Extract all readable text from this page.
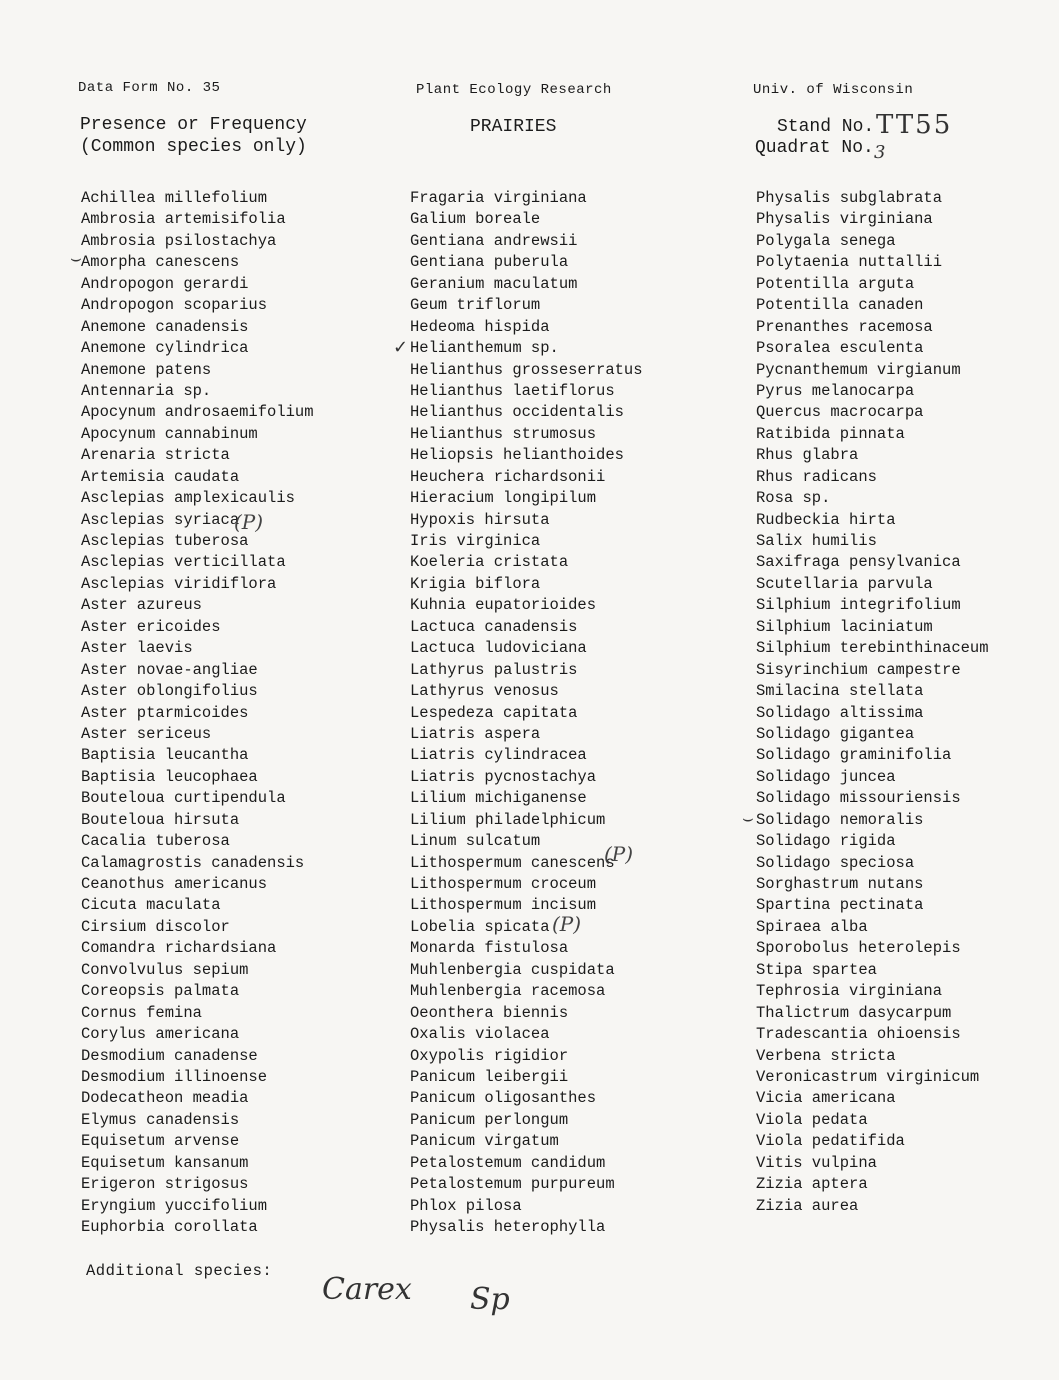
Data Form No. 35	Plant Ecology Research	Univ. of Wisconsin
Presence or Frequency
(Common species only)
PRAIRIES	Stand No.
Quadrat No.
TT55
3
Achillea millefolium
Ambrosia artemisifolia
Ambrosia psilostachya
Amorpha canescens
Andropogon gerardi
Andropogon scoparius
Anemone canadensis
Anemone cylindrica
Anemone patens
Antennaria sp.
Apocynum androsaemifolium
Apocynum cannabinum
Arenaria stricta
Artemisia caudata
Asclepias amplexicaulis
Asclepias syriaca
Asclepias tuberosa
Asclepias verticillata
Asclepias viridiflora
Aster azureus
Aster ericoides
Aster laevis
Aster novae-angliae
Aster oblongifolius
Aster ptarmicoides
Aster sericeus
Baptisia leucantha
Baptisia leucophaea
Bouteloua curtipendula
Bouteloua hirsuta
Cacalia tuberosa
Calamagrostis canadensis
Ceanothus americanus
Cicuta maculata
Cirsium discolor
Comandra richardsiana
Convolvulus sepium
Coreopsis palmata
Cornus femina
Corylus americana
Desmodium canadense
Desmodium illinoense
Dodecatheon meadia
Elymus canadensis
Equisetum arvense
Equisetum kansanum
Erigeron strigosus
Eryngium yuccifolium
Euphorbia corollata
Fragaria virginiana
Galium boreale
Gentiana andrewsii
Gentiana puberula
Geranium maculatum
Geum triflorum
Hedeoma hispida
Helianthemum sp.
Helianthus grosseserratus
Helianthus laetiflorus
Helianthus occidentalis
Helianthus strumosus
Heliopsis helianthoides
Heuchera richardsonii
Hieracium longipilum
Hypoxis hirsuta
Iris virginica
Koeleria cristata
Krigia biflora
Kuhnia eupatorioides
Lactuca canadensis
Lactuca ludoviciana
Lathyrus palustris
Lathyrus venosus
Lespedeza capitata
Liatris aspera
Liatris cylindracea
Liatris pycnostachya
Lilium michiganense
Lilium philadelphicum
Linum sulcatum
Lithospermum canescens
Lithospermum croceum
Lithospermum incisum
Lobelia spicata
Monarda fistulosa
Muhlenbergia cuspidata
Muhlenbergia racemosa
Oeonthera biennis
Oxalis violacea
Oxypolis rigidior
Panicum leibergii
Panicum oligosanthes
Panicum perlongum
Panicum virgatum
Petalostemum candidum
Petalostemum purpureum
Phlox pilosa
Physalis heterophylla
Physalis subglabrata
Physalis virginiana
Polygala senega
Polytaenia nuttallii
Potentilla arguta
Potentilla canaden
Prenanthes racemosa
Psoralea esculenta
Pycnanthemum virgianum
Pyrus melanocarpa
Quercus macrocarpa
Ratibida pinnata
Rhus glabra
Rhus radicans
Rosa sp.
Rudbeckia hirta
Salix humilis
Saxifraga pensylvanica
Scutellaria parvula
Silphium integrifolium
Silphium laciniatum
Silphium terebinthinaceum
Sisyrinchium campestre
Smilacina stellata
Solidago altissima
Solidago gigantea
Solidago graminifolia
Solidago juncea
Solidago missouriensis
Solidago nemoralis
Solidago rigida
Solidago speciosa
Sorghastrum nutans
Spartina pectinata
Spiraea alba
Sporobolus heterolepis
Stipa spartea
Tephrosia virginiana
Thalictrum dasycarpum
Tradescantia ohioensis
Verbena stricta
Veronicastrum virginicum
Vicia americana
Viola pedata
Viola pedatifida
Vitis vulpina
Zizia aptera
Zizia aurea
⌣
✓
⌣
(P)
(P)
(P)
Additional species:
Carex Sp
